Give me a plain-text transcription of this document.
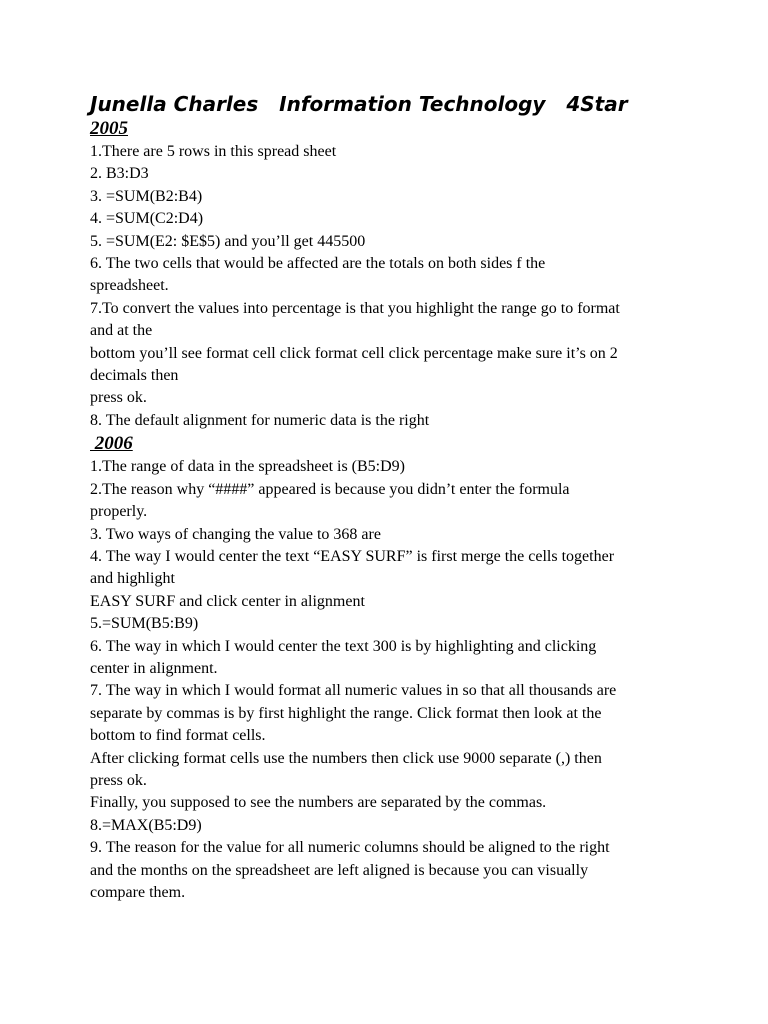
Junella Charles   Information Technology   4Star
2005

1.There are 5 rows in this spread sheet

2. B3:D3

3. =SUM(B2:B4)

4. =SUM(C2:D4)

5. =SUM(E2: $E$5) and you’ll get 445500

6. The two cells that would be affected are the totals on both sides f the

spreadsheet.

7.To convert the values into percentage is that you highlight the range go to format

and at the

bottom you’ll see format cell click format cell click percentage make sure it’s on 2

decimals then

press ok.

8. The default alignment for numeric data is the right

2006

1.The range of data in the spreadsheet is (B5:D9)

2.The reason why “####” appeared is because you didn’t enter the formula

properly.

3. Two ways of changing the value to 368 are

4. The way I would center the text “EASY SURF” is first merge the cells together

and highlight

EASY SURF and click center in alignment

5.=SUM(B5:B9)

6. The way in which I would center the text 300 is by highlighting and clicking

center in alignment.

7. The way in which I would format all numeric values in so that all thousands are

separate by commas is by first highlight the range. Click format then look at the

bottom to find format cells.

After clicking format cells use the numbers then click use 9000 separate (,) then

press ok.

Finally, you supposed to see the numbers are separated by the commas.

8.=MAX(B5:D9)

9. The reason for the value for all numeric columns should be aligned to the right

and the months on the spreadsheet are left aligned is because you can visually

compare them.
